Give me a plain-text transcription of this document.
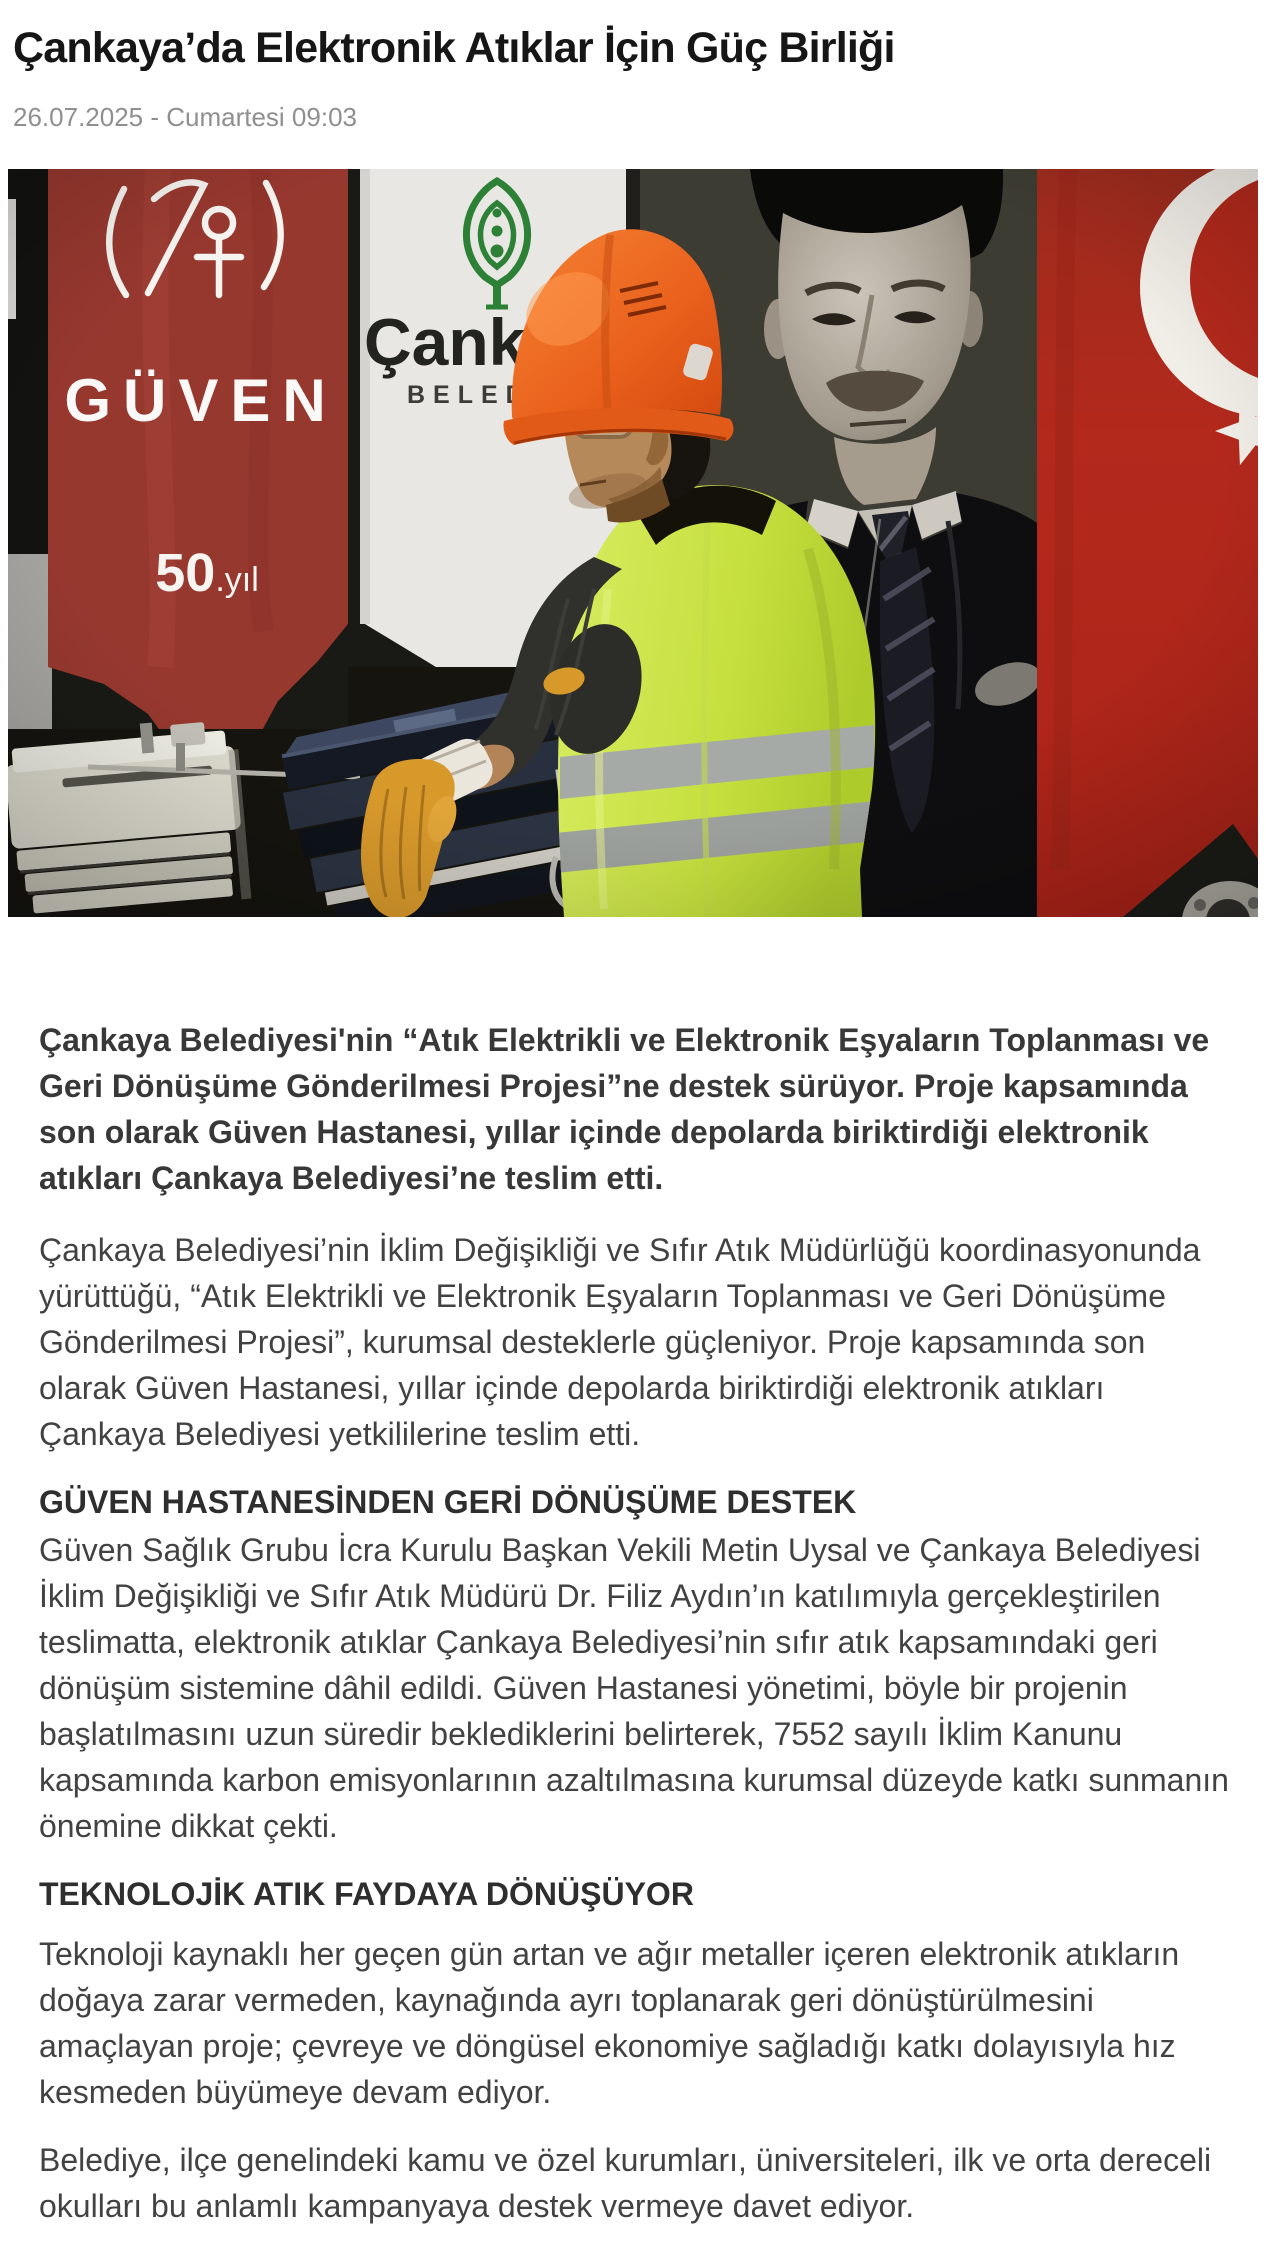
Çankaya’da Elektronik Atıklar İçin Güç Birliği
26.07.2025 - Cumartesi 09:03

Çankaya Belediyesi'nin “Atık Elektrikli ve Elektronik Eşyaların Toplanması ve Geri Dönüşüme Gönderilmesi Projesi”ne destek sürüyor. Proje kapsamında son olarak Güven Hastanesi, yıllar içinde depolarda biriktirdiği elektronik atıkları Çankaya Belediyesi’ne teslim etti.

Çankaya Belediyesi’nin İklim Değişikliği ve Sıfır Atık Müdürlüğü koordinasyonunda yürüttüğü, “Atık Elektrikli ve Elektronik Eşyaların Toplanması ve Geri Dönüşüme Gönderilmesi Projesi”, kurumsal desteklerle güçleniyor. Proje kapsamında son olarak Güven Hastanesi, yıllar içinde depolarda biriktirdiği elektronik atıkları Çankaya Belediyesi yetkililerine teslim etti.

GÜVEN HASTANESİNDEN GERİ DÖNÜŞÜME DESTEK

Güven Sağlık Grubu İcra Kurulu Başkan Vekili Metin Uysal ve Çankaya Belediyesi İklim Değişikliği ve Sıfır Atık Müdürü Dr. Filiz Aydın’ın katılımıyla gerçekleştirilen teslimatta, elektronik atıklar Çankaya Belediyesi’nin sıfır atık kapsamındaki geri dönüşüm sistemine dâhil edildi. Güven Hastanesi yönetimi, böyle bir projenin başlatılmasını uzun süredir beklediklerini belirterek, 7552 sayılı İklim Kanunu kapsamında karbon emisyonlarının azaltılmasına kurumsal düzeyde katkı sunmanın önemine dikkat çekti.

TEKNOLOJİK ATIK FAYDAYA DÖNÜŞÜYOR

Teknoloji kaynaklı her geçen gün artan ve ağır metaller içeren elektronik atıkların doğaya zarar vermeden, kaynağında ayrı toplanarak geri dönüştürülmesini amaçlayan proje; çevreye ve döngüsel ekonomiye sağladığı katkı dolayısıyla hız kesmeden büyümeye devam ediyor.

Belediye, ilçe genelindeki kamu ve özel kurumları, üniversiteleri, ilk ve orta dereceli okulları bu anlamlı kampanyaya destek vermeye davet ediyor.
